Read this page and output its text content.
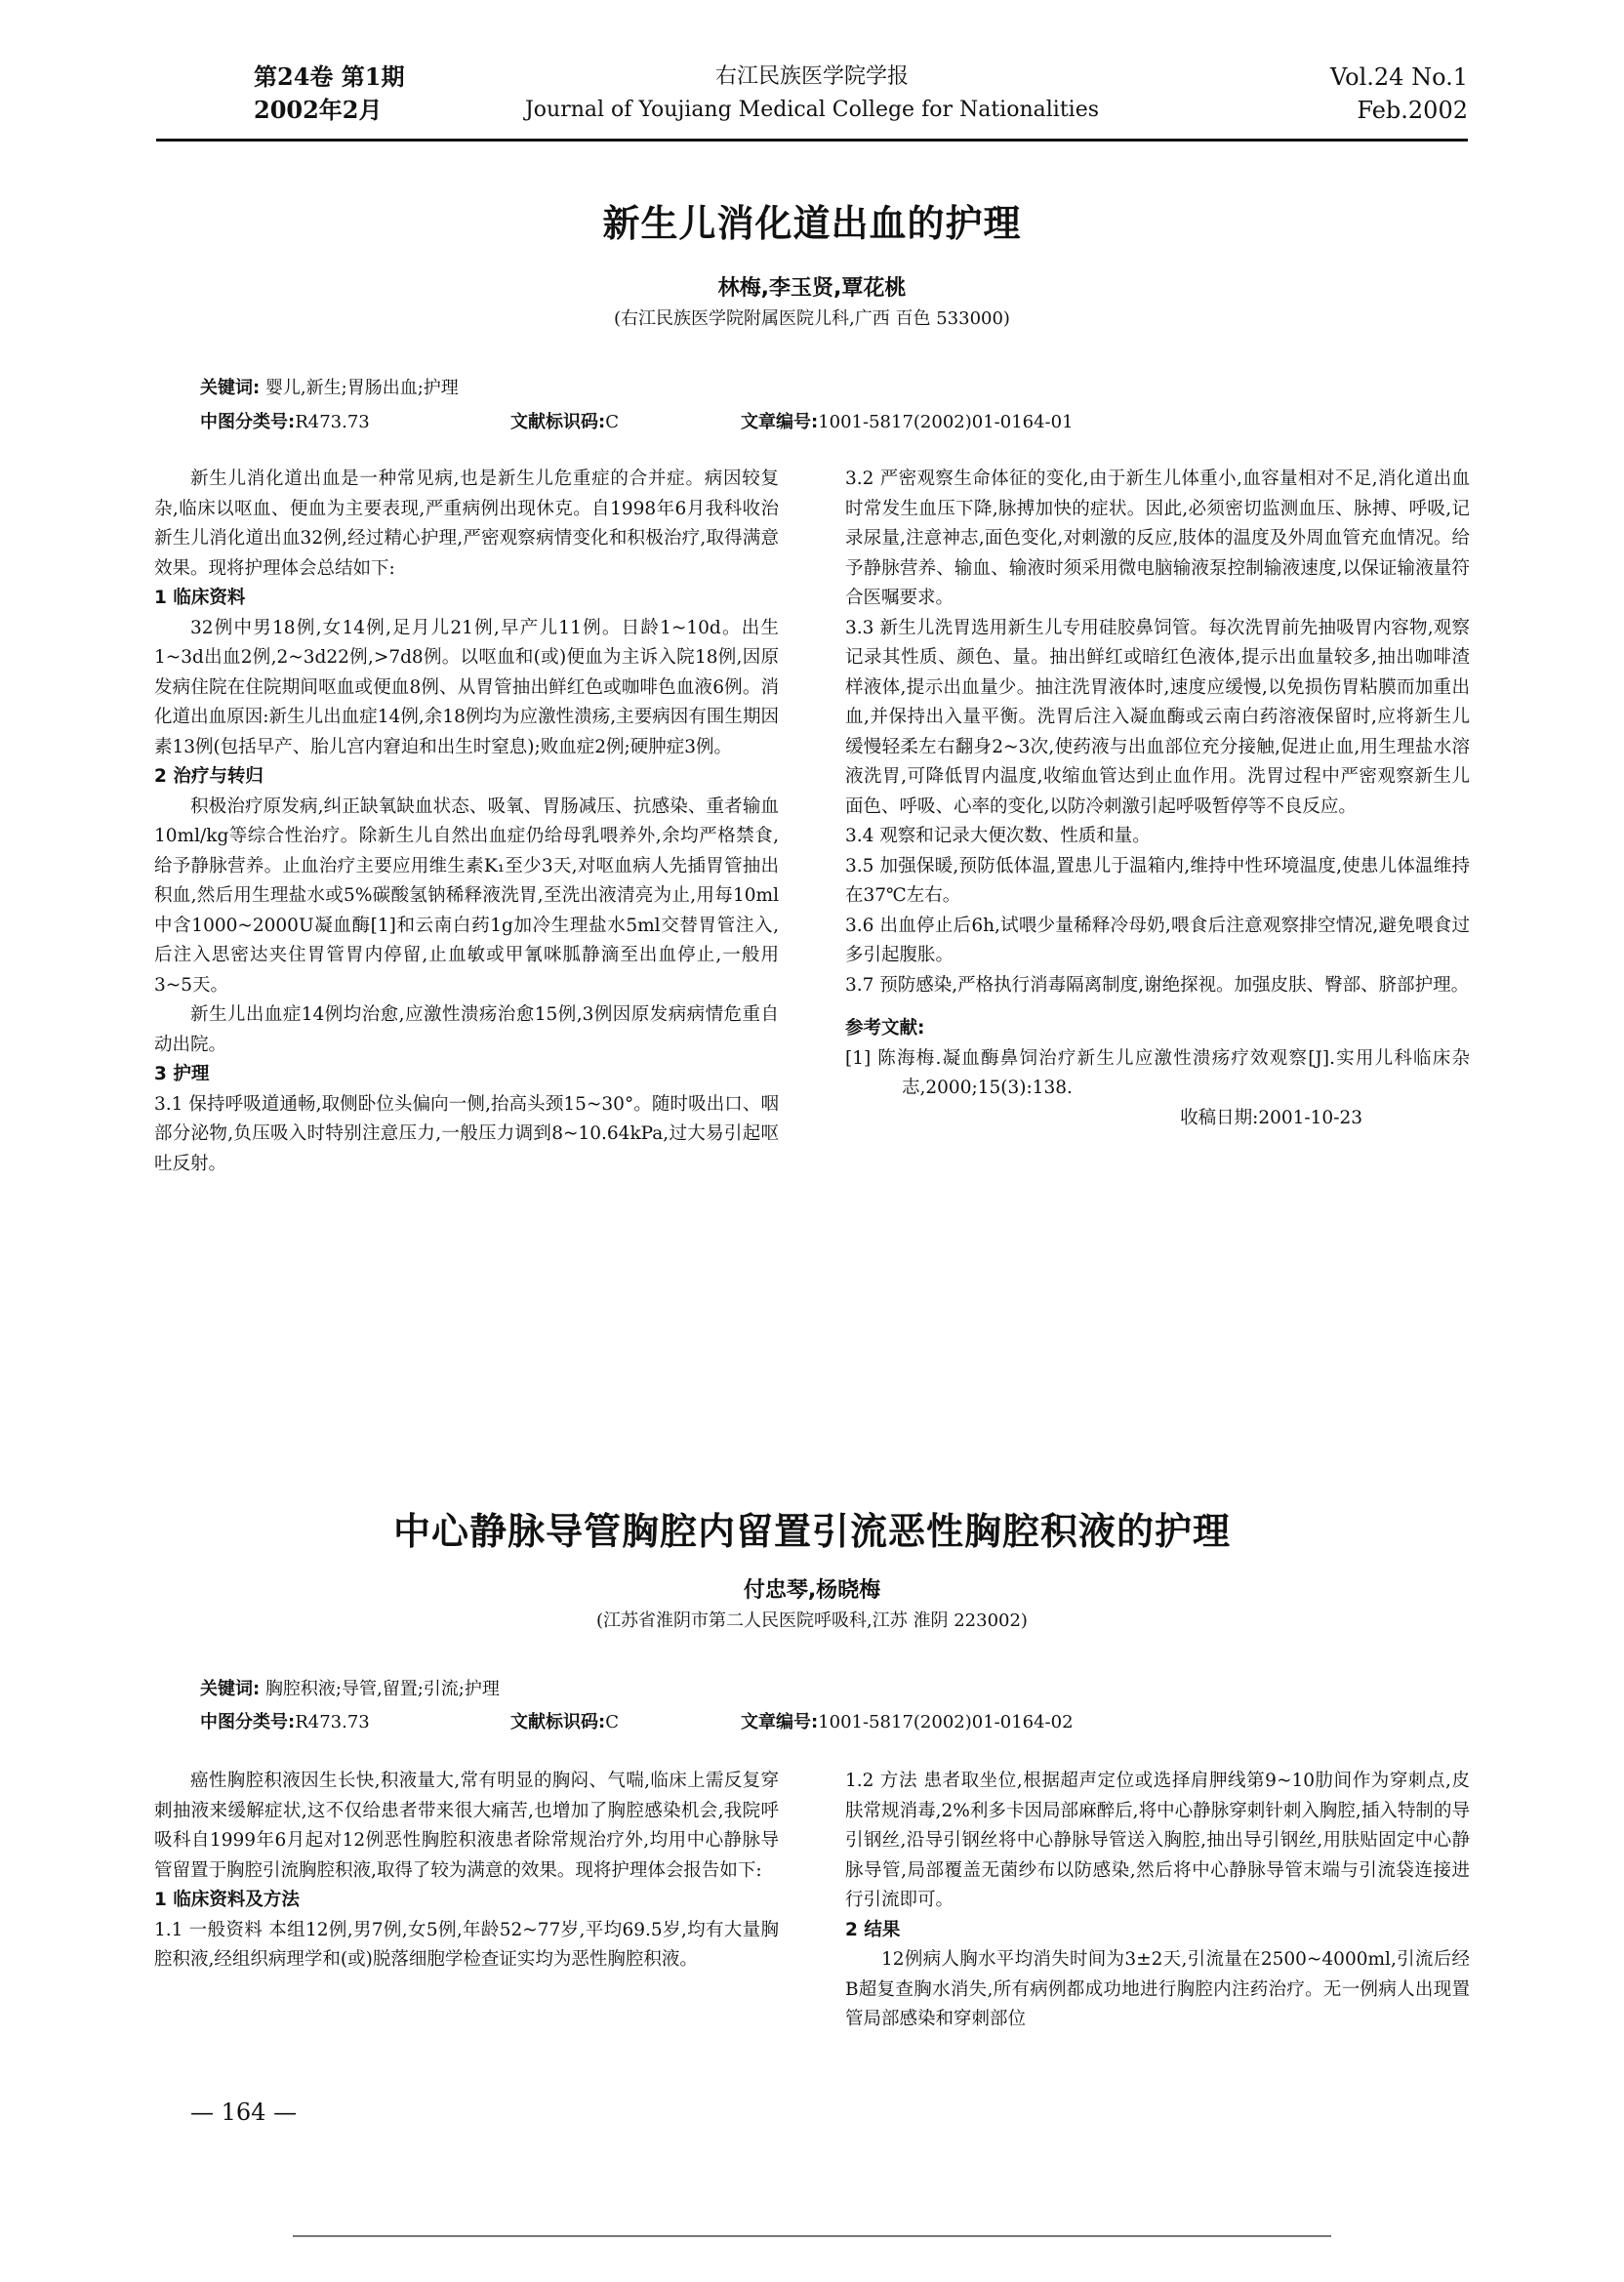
第24卷 第1期
2002年2月
右江民族医学院学报
Journal of Youjiang Medical College for Nationalities
Vol.24 No.1
Feb.2002
新生儿消化道出血的护理
林梅,李玉贤,覃花桃
(右江民族医学院附属医院儿科,广西 百色 533000)
关键词: 婴儿,新生;胃肠出血;护理
中图分类号:R473.73	文献标识码:C	文章编号:1001-5817(2002)01-0164-01

新生儿消化道出血是一种常见病,也是新生儿危重症的合并症。病因较复杂,临床以呕血、便血为主要表现,严重病例出现休克。自1998年6月我科收治新生儿消化道出血32例,经过精心护理,严密观察病情变化和积极治疗,取得满意效果。现将护理体会总结如下:

1 临床资料

32例中男18例,女14例,足月儿21例,早产儿11例。日龄1~10d。出生1~3d出血2例,2~3d22例,>7d8例。以呕血和(或)便血为主诉入院18例,因原发病住院在住院期间呕血或便血8例、从胃管抽出鲜红色或咖啡色血液6例。消化道出血原因:新生儿出血症14例,余18例均为应激性溃疡,主要病因有围生期因素13例(包括早产、胎儿宫内窘迫和出生时窒息);败血症2例;硬肿症3例。

2 治疗与转归

积极治疗原发病,纠正缺氧缺血状态、吸氧、胃肠减压、抗感染、重者输血10ml/kg等综合性治疗。除新生儿自然出血症仍给母乳喂养外,余均严格禁食,给予静脉营养。止血治疗主要应用维生素K₁至少3天,对呕血病人先插胃管抽出积血,然后用生理盐水或5%碳酸氢钠稀释液洗胃,至洗出液清亮为止,用每10ml中含1000~2000U凝血酶[1]和云南白药1g加冷生理盐水5ml交替胃管注入,后注入思密达夹住胃管胃内停留,止血敏或甲氰咪胍静滴至出血停止,一般用3~5天。

新生儿出血症14例均治愈,应激性溃疡治愈15例,3例因原发病病情危重自动出院。

3 护理

3.1 保持呼吸道通畅,取侧卧位头偏向一侧,抬高头颈15~30°。随时吸出口、咽部分泌物,负压吸入时特别注意压力,一般压力调到8~10.64kPa,过大易引起呕吐反射。

3.2 严密观察生命体征的变化,由于新生儿体重小,血容量相对不足,消化道出血时常发生血压下降,脉搏加快的症状。因此,必须密切监测血压、脉搏、呼吸,记录尿量,注意神志,面色变化,对刺激的反应,肢体的温度及外周血管充血情况。给予静脉营养、输血、输液时须采用微电脑输液泵控制输液速度,以保证输液量符合医嘱要求。

3.3 新生儿洗胃选用新生儿专用硅胶鼻饲管。每次洗胃前先抽吸胃内容物,观察记录其性质、颜色、量。抽出鲜红或暗红色液体,提示出血量较多,抽出咖啡渣样液体,提示出血量少。抽注洗胃液体时,速度应缓慢,以免损伤胃粘膜而加重出血,并保持出入量平衡。洗胃后注入凝血酶或云南白药溶液保留时,应将新生儿缓慢轻柔左右翻身2~3次,使药液与出血部位充分接触,促进止血,用生理盐水溶液洗胃,可降低胃内温度,收缩血管达到止血作用。洗胃过程中严密观察新生儿面色、呼吸、心率的变化,以防冷刺激引起呼吸暂停等不良反应。

3.4 观察和记录大便次数、性质和量。

3.5 加强保暖,预防低体温,置患儿于温箱内,维持中性环境温度,使患儿体温维持在37℃左右。

3.6 出血停止后6h,试喂少量稀释冷母奶,喂食后注意观察排空情况,避免喂食过多引起腹胀。

3.7 预防感染,严格执行消毒隔离制度,谢绝探视。加强皮肤、臀部、脐部护理。

参考文献:
[1] 陈海梅.凝血酶鼻饲治疗新生儿应激性溃疡疗效观察[J].实用儿科临床杂志,2000;15(3):138.
收稿日期:2001-10-23
中心静脉导管胸腔内留置引流恶性胸腔积液的护理
付忠琴,杨晓梅
(江苏省淮阴市第二人民医院呼吸科,江苏 淮阴 223002)
关键词: 胸腔积液;导管,留置;引流;护理
中图分类号:R473.73	文献标识码:C	文章编号:1001-5817(2002)01-0164-02

癌性胸腔积液因生长快,积液量大,常有明显的胸闷、气喘,临床上需反复穿刺抽液来缓解症状,这不仅给患者带来很大痛苦,也增加了胸腔感染机会,我院呼吸科自1999年6月起对12例恶性胸腔积液患者除常规治疗外,均用中心静脉导管留置于胸腔引流胸腔积液,取得了较为满意的效果。现将护理体会报告如下:

1 临床资料及方法

1.1 一般资料 本组12例,男7例,女5例,年龄52~77岁,平均69.5岁,均有大量胸腔积液,经组织病理学和(或)脱落细胞学检查证实均为恶性胸腔积液。

1.2 方法 患者取坐位,根据超声定位或选择肩胛线第9~10肋间作为穿刺点,皮肤常规消毒,2%利多卡因局部麻醉后,将中心静脉穿刺针刺入胸腔,插入特制的导引钢丝,沿导引钢丝将中心静脉导管送入胸腔,抽出导引钢丝,用肤贴固定中心静脉导管,局部覆盖无菌纱布以防感染,然后将中心静脉导管末端与引流袋连接进行引流即可。

2 结果

12例病人胸水平均消失时间为3±2天,引流量在2500~4000ml,引流后经B超复查胸水消失,所有病例都成功地进行胸腔内注药治疗。无一例病人出现置管局部感染和穿刺部位

— 164 —
